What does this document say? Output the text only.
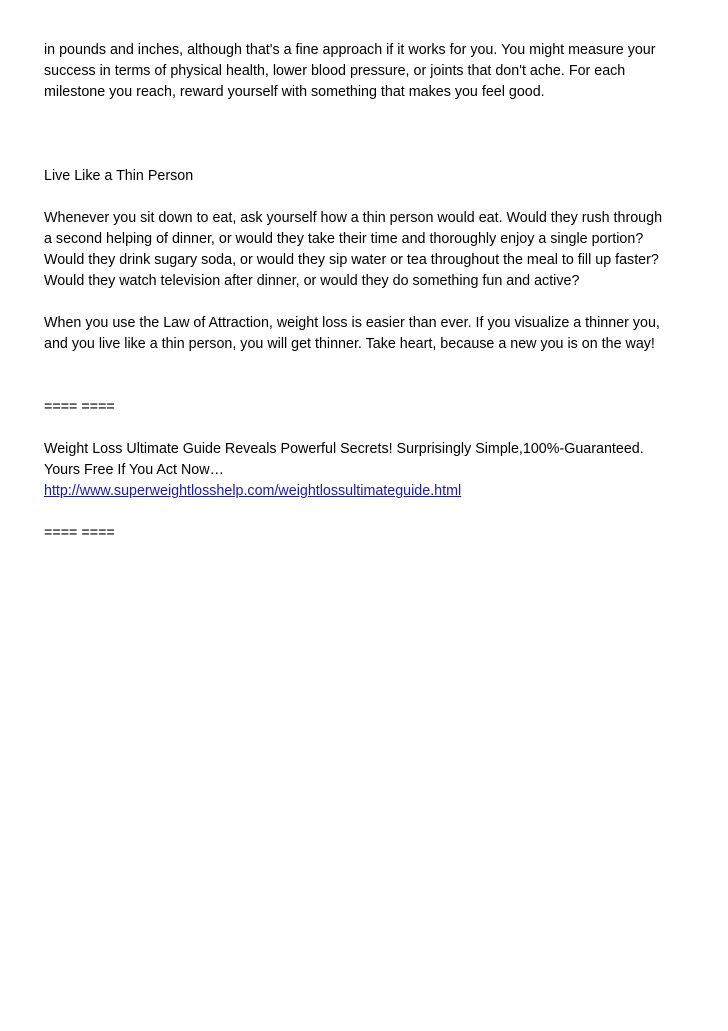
in pounds and inches, although that's a fine approach if it works for you. You might measure your
success in terms of physical health, lower blood pressure, or joints that don't ache. For each
milestone you reach, reward yourself with something that makes you feel good.
Live Like a Thin Person
Whenever you sit down to eat, ask yourself how a thin person would eat. Would they rush through
a second helping of dinner, or would they take their time and thoroughly enjoy a single portion?
Would they drink sugary soda, or would they sip water or tea throughout the meal to fill up faster?
Would they watch television after dinner, or would they do something fun and active?
When you use the Law of Attraction, weight loss is easier than ever. If you visualize a thinner you,
and you live like a thin person, you will get thinner. Take heart, because a new you is on the way!
==== ====
Weight Loss Ultimate Guide Reveals Powerful Secrets! Surprisingly Simple,100%-Guaranteed.
Yours Free If You Act Now…
http://www.superweightlosshelp.com/weightlossultimateguide.html
==== ====
